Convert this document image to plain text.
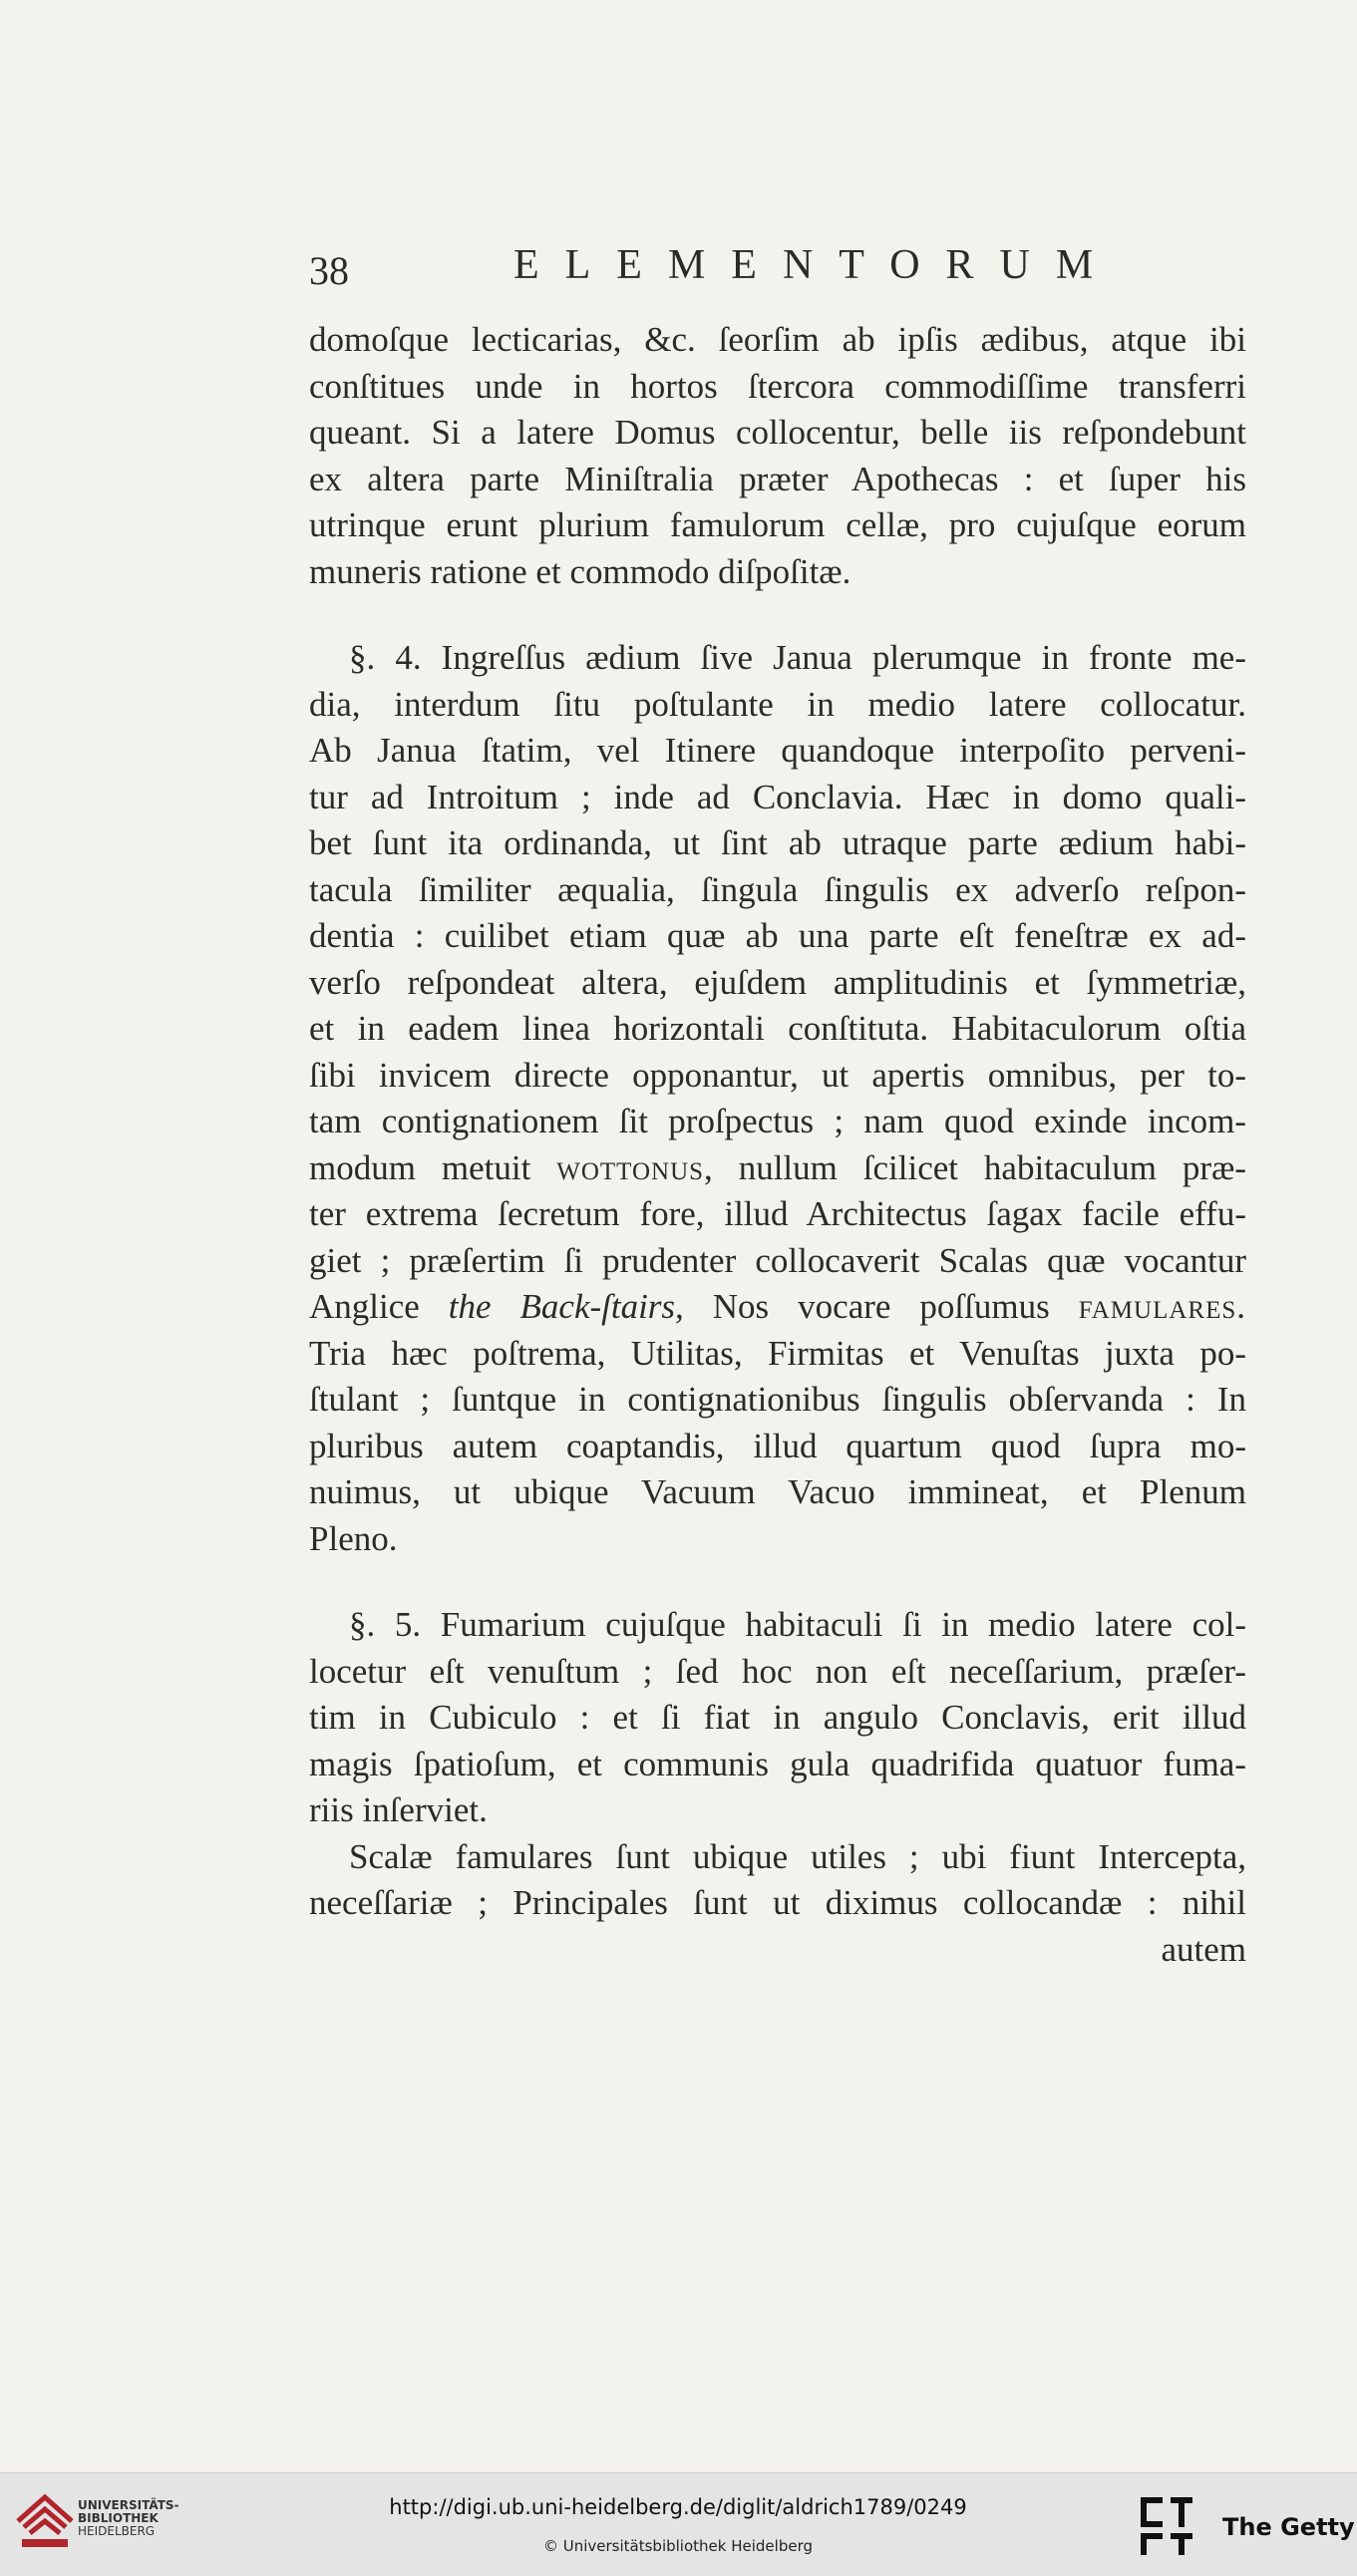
38	ELEMENTORUM
domoſque lecticarias, &c. ſeorſim ab ipſis ædibus, atque ibi
conſtitues unde in hortos ſtercora commodiſſime transferri
queant. Si a latere Domus collocentur, belle iis reſpondebunt
ex altera parte Miniſtralia præter Apothecas : et ſuper his
utrinque erunt plurium famulorum cellæ, pro cujuſque eorum
muneris ratione et commodo diſpoſitæ.
§. 4. Ingreſſus ædium ſive Janua plerumque in fronte me-
dia, interdum ſitu poſtulante in medio latere collocatur.
Ab Janua ſtatim, vel Itinere quandoque interpoſito perveni-
tur ad Introitum ; inde ad Conclavia. Hæc in domo quali-
bet ſunt ita ordinanda, ut ſint ab utraque parte ædium habi-
tacula ſimiliter æqualia, ſingula ſingulis ex adverſo reſpon-
dentia : cuilibet etiam quæ ab una parte eſt feneſtræ ex ad-
verſo reſpondeat altera, ejuſdem amplitudinis et ſymmetriæ,
et in eadem linea horizontali conſtituta. Habitaculorum oſtia
ſibi invicem directe opponantur, ut apertis omnibus, per to-
tam contignationem ſit proſpectus ; nam quod exinde incom-
modum metuit wottonus, nullum ſcilicet habitaculum præ-
ter extrema ſecretum fore, illud Architectus ſagax facile effu-
giet ; præſertim ſi prudenter collocaverit Scalas quæ vocantur
Anglice the Back-ſtairs, Nos vocare poſſumus famulares.
Tria hæc poſtrema, Utilitas, Firmitas et Venuſtas juxta po-
ſtulant ; ſuntque in contignationibus ſingulis obſervanda : In
pluribus autem coaptandis, illud quartum quod ſupra mo-
nuimus, ut ubique Vacuum Vacuo immineat, et Plenum
Pleno.
§. 5. Fumarium cujuſque habitaculi ſi in medio latere col-
locetur eſt venuſtum ; ſed hoc non eſt neceſſarium, præſer-
tim in Cubiculo : et ſi fiat in angulo Conclavis, erit illud
magis ſpatioſum, et communis gula quadrifida quatuor fuma-
riis inſerviet.
Scalæ famulares ſunt ubique utiles ; ubi fiunt Intercepta,
neceſſariæ ; Principales ſunt ut diximus collocandæ : nihil
autem
UNIVERSITÄTS-
BIBLIOTHEK
HEIDELBERG
http://digi.ub.uni-heidelberg.de/diglit/aldrich1789/0249
© Universitätsbibliothek Heidelberg
The Getty
